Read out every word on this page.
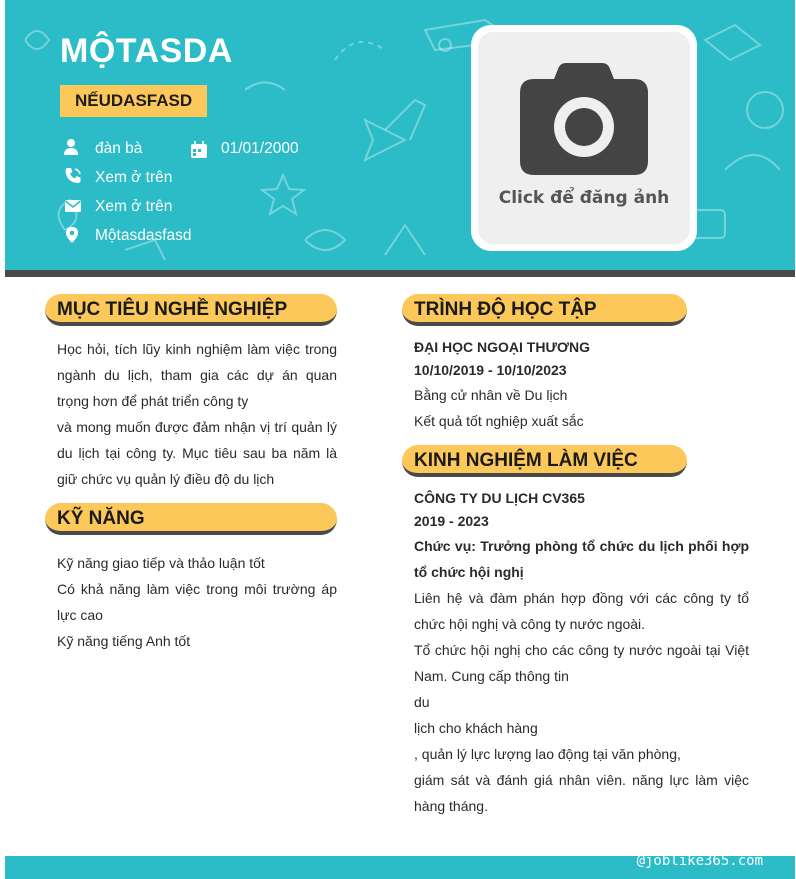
MỘTASDA
NẾUDASFASD
đàn bà	01/01/2000
Xem ở trên
Xem ở trên
Mộtasdasfasd
Click để đăng ảnh
MỤC TIÊU NGHỀ NGHIỆP
Học hỏi, tích lũy kinh nghiệm làm việc trong ngành du lịch, tham gia các dự án quan trọng hơn để phát triển công ty
và mong muốn được đảm nhận vị trí quản lý du lịch tại công ty. Mục tiêu sau ba năm là giữ chức vụ quản lý điều độ du lịch
KỸ NĂNG
Kỹ năng giao tiếp và thảo luận tốt
Có khả năng làm việc trong môi trường áp lực cao
Kỹ năng tiếng Anh tốt
TRÌNH ĐỘ HỌC TẬP
ĐẠI HỌC NGOẠI THƯƠNG
10/10/2019 - 10/10/2023
Bằng cử nhân về Du lịch
Kết quả tốt nghiệp xuất sắc
KINH NGHIỆM LÀM VIỆC
CÔNG TY DU LỊCH CV365
2019 - 2023
Chức vụ: Trưởng phòng tổ chức du lịch phối hợp tổ chức hội nghị
Liên hệ và đàm phán hợp đồng với các công ty tổ chức hội nghị và công ty nước ngoài.
Tổ chức hội nghị cho các công ty nước ngoài tại Việt Nam. Cung cấp thông tin
du
lịch cho khách hàng
, quản lý lực lượng lao động tại văn phòng,
giám sát và đánh giá nhân viên. năng lực làm việc hàng tháng.
@joblike365.com
